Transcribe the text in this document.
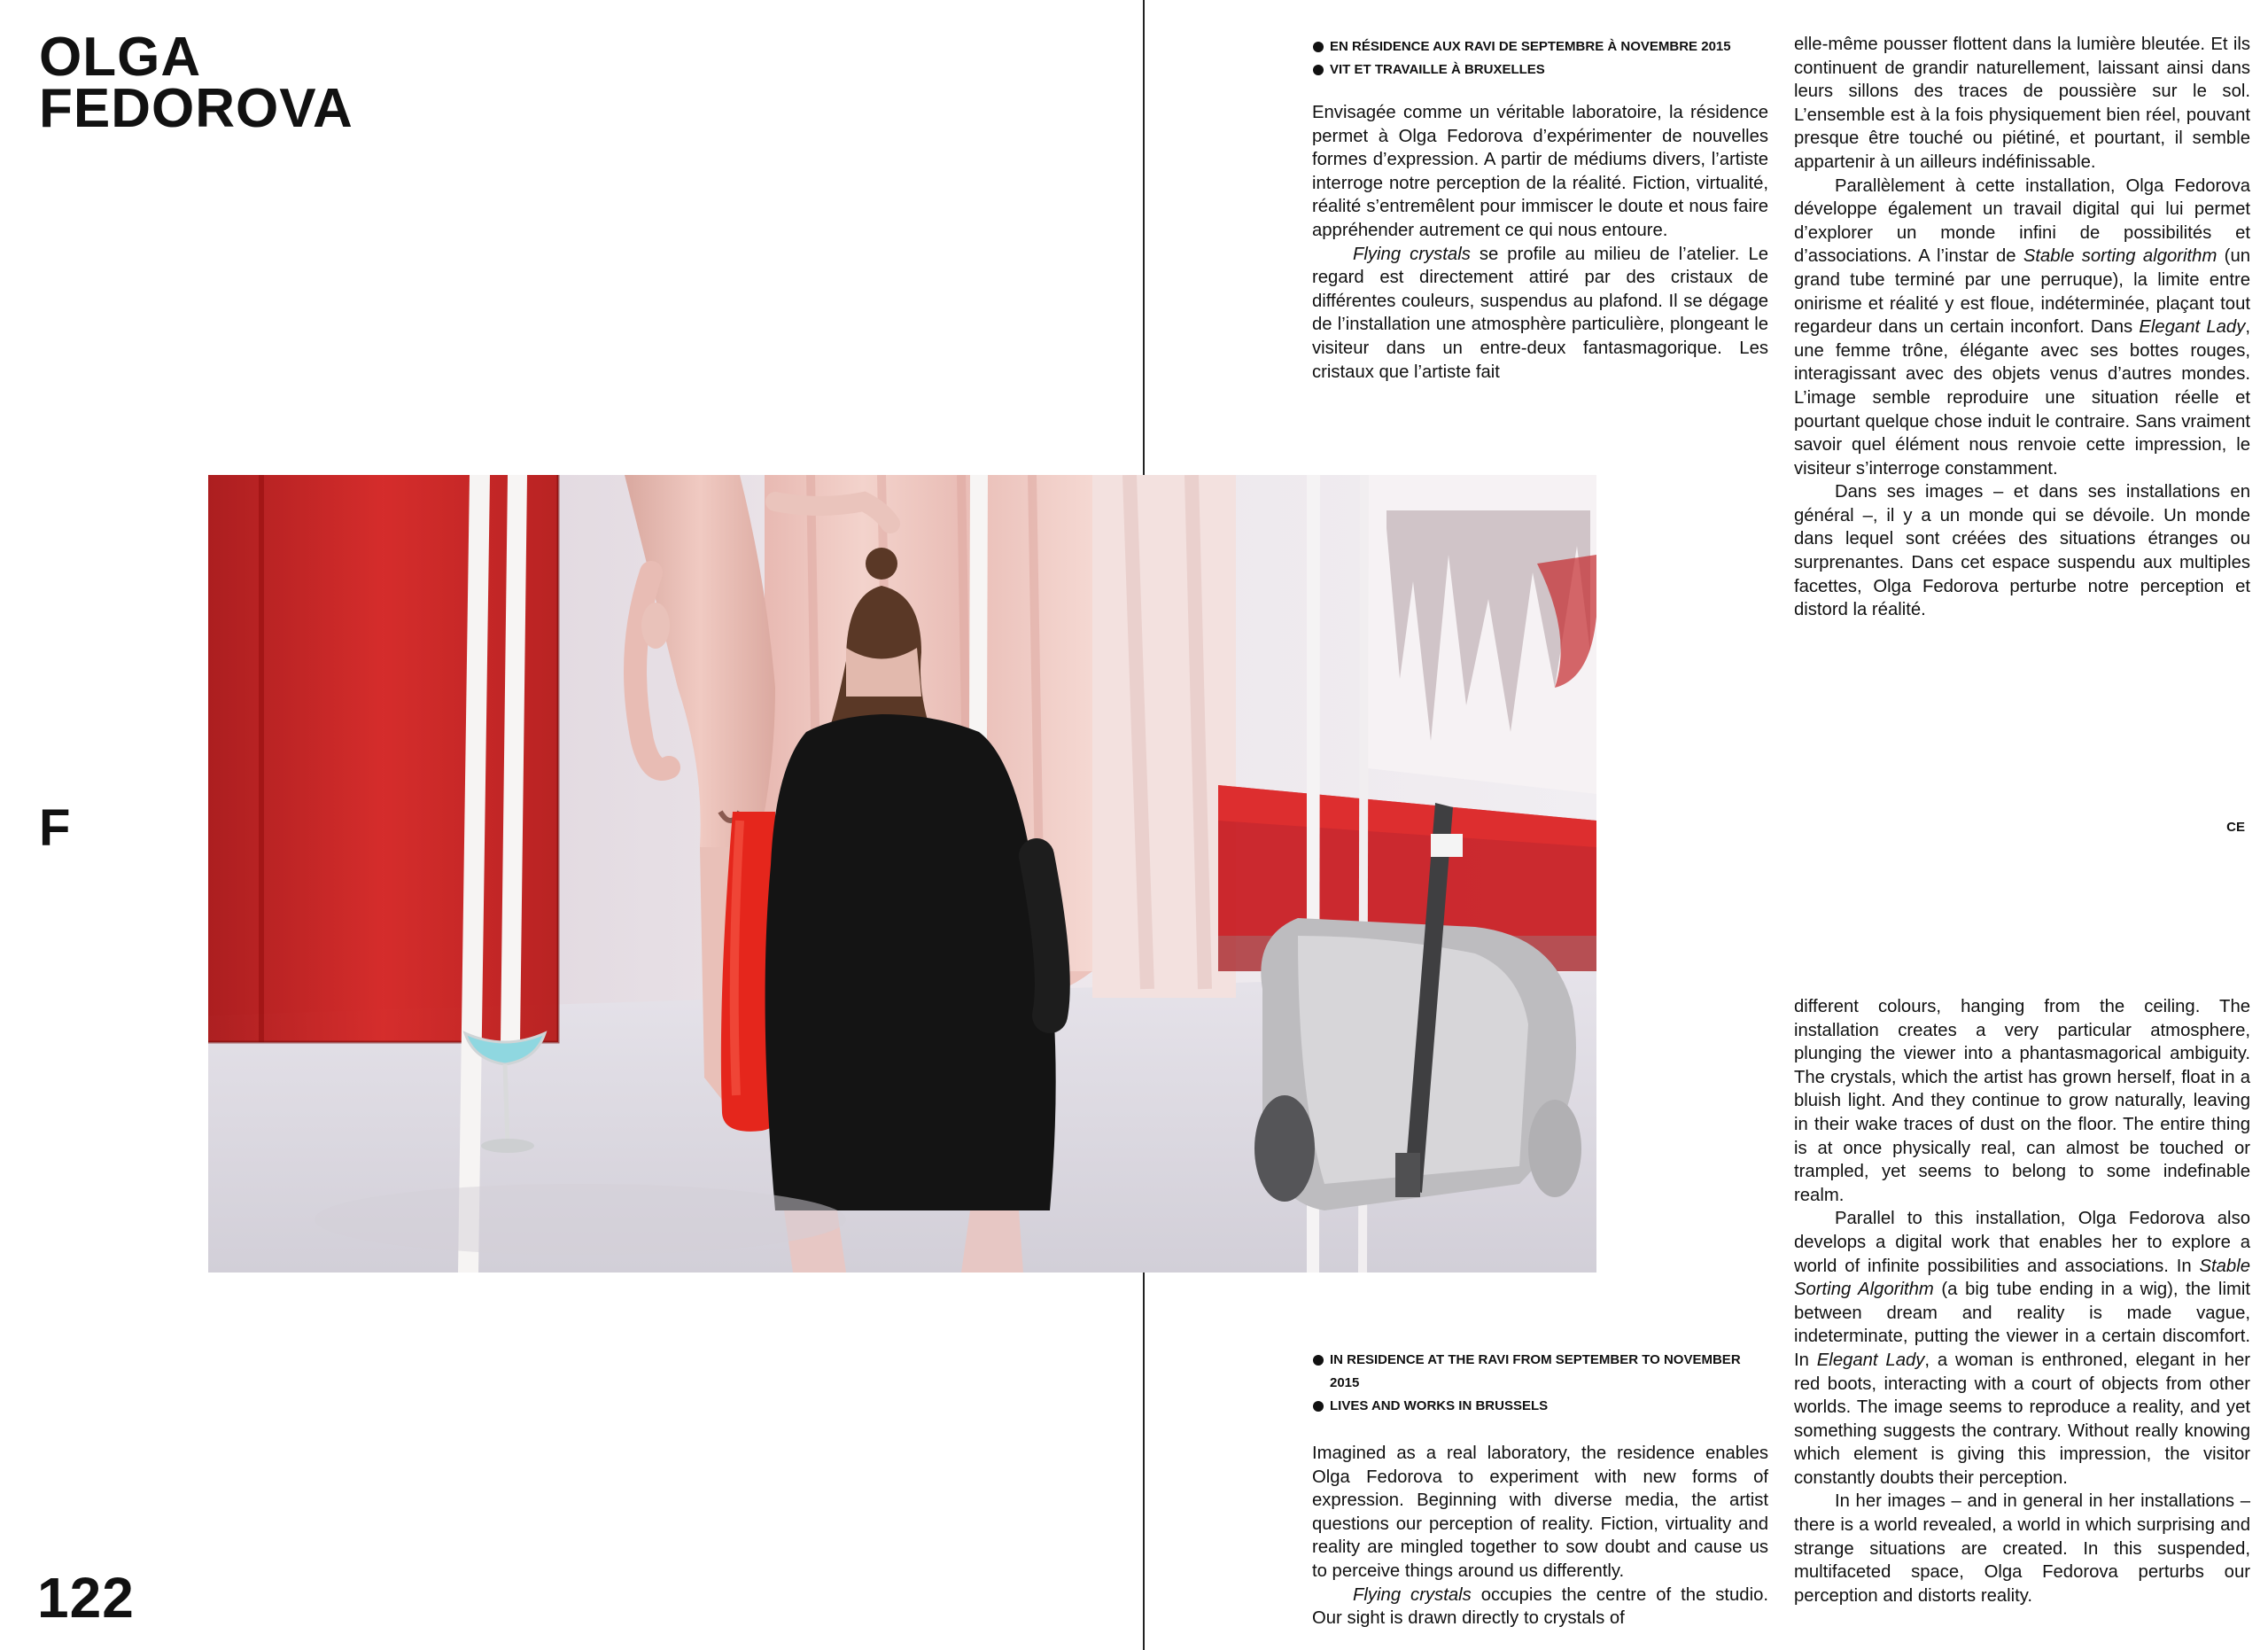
OLGA
FEDOROVA
F
122
CE
EN RÉSIDENCE AUX RAVI DE SEPTEMBRE À NOVEMBRE 2015
VIT ET TRAVAILLE À BRUXELLES

Envisagée comme un véritable laboratoire, la résidence permet à Olga Fedorova d’expérimenter de nouvelles formes d’expression. A partir de médiums divers, l’artiste interroge notre perception de la réalité. Fiction, virtualité, réalité s’entremêlent pour immiscer le doute et nous faire appréhender autrement ce qui nous entoure.

Flying crystals se profile au milieu de l’atelier. Le regard est directement attiré par des cristaux de différentes couleurs, suspendus au plafond. Il se dégage de l’installation une atmosphère particulière, plongeant le visiteur dans un entre-deux fantasmagorique. Les cristaux que l’artiste fait

elle-même pousser flottent dans la lumière bleutée. Et ils continuent de grandir naturellement, laissant ainsi dans leurs sillons des traces de poussière sur le sol. L’ensemble est à la fois physiquement bien réel, pouvant presque être touché ou piétiné, et pourtant, il semble appartenir à un ailleurs indéfinissable.

Parallèlement à cette installation, Olga Fedorova développe également un travail digital qui lui permet d’explorer un monde infini de possibilités et d’associations. A l’instar de Stable sorting algorithm (un grand tube terminé par une perruque), la limite entre onirisme et réalité y est floue, indéterminée, plaçant tout regardeur dans un certain inconfort. Dans Elegant Lady, une femme trône, élégante avec ses bottes rouges, interagissant avec des objets venus d’autres mondes. L’image semble reproduire une situation réelle et pourtant quelque chose induit le contraire. Sans vraiment savoir quel élément nous renvoie cette impression, le visiteur s’interroge constamment.

Dans ses images – et dans ses installations en général –, il y a un monde qui se dévoile. Un monde dans lequel sont créées des situations étranges ou surprenantes. Dans cet espace suspendu aux multiples facettes, Olga Fedorova perturbe notre perception et distord la réalité.

IN RESIDENCE AT THE RAVI FROM SEPTEMBER TO NOVEMBER 2015
LIVES AND WORKS IN BRUSSELS

Imagined as a real laboratory, the residence enables Olga Fedorova to experiment with new forms of expression. Beginning with diverse media, the artist questions our perception of reality. Fiction, virtuality and reality are mingled together to sow doubt and cause us to perceive things around us differently.

Flying crystals occupies the centre of the studio. Our sight is drawn directly to crystals of

different colours, hanging from the ceiling. The installation creates a very particular atmosphere, plunging the viewer into a phantasmagorical ambiguity. The crystals, which the artist has grown herself, float in a bluish light. And they continue to grow naturally, leaving in their wake traces of dust on the floor. The entire thing is at once physically real, can almost be touched or trampled, yet seems to belong to some indefinable realm.

Parallel to this installation, Olga Fedorova also develops a digital work that enables her to explore a world of infinite possibilities and associations. In Stable Sorting Algorithm (a big tube ending in a wig), the limit between dream and reality is made vague, indeterminate, putting the viewer in a certain discomfort. In Elegant Lady, a woman is enthroned, elegant in her red boots, interacting with a court of objects from other worlds. The image seems to reproduce a reality, and yet something suggests the contrary. Without really knowing which element is giving this impression, the visitor constantly doubts their perception.

In her images – and in general in her installations – there is a world revealed, a world in which surprising and strange situations are created. In this suspended, multifaceted space, Olga Fedorova perturbs our perception and distorts reality.
